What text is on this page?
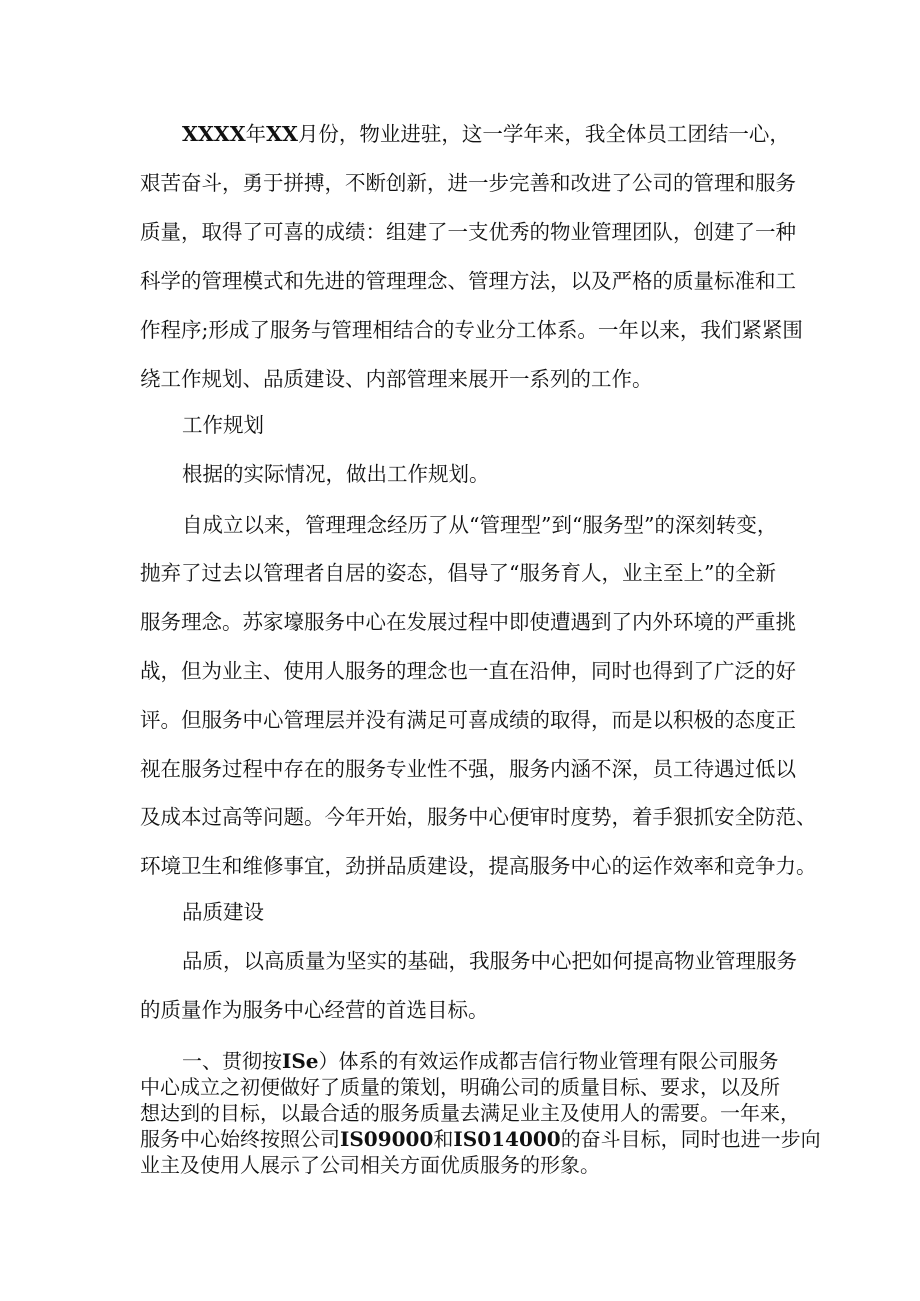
XXXX年XX月份，物业进驻，这一学年来，我全体员工团结一心，
艰苦奋斗，勇于拼搏，不断创新，进一步完善和改进了公司的管理和服务
质量，取得了可喜的成绩：组建了一支优秀的物业管理团队，创建了一种
科学的管理模式和先进的管理理念、管理方法，以及严格的质量标准和工
作程序;形成了服务与管理相结合的专业分工体系。一年以来，我们紧紧围
绕工作规划、品质建设、内部管理来展开一系列的工作。
工作规划
根据的实际情况，做出工作规划。
自成立以来，管理理念经历了从“管理型”到“服务型”的深刻转变，
抛弃了过去以管理者自居的姿态，倡导了“服务育人，业主至上”的全新
服务理念。苏家壕服务中心在发展过程中即使遭遇到了内外环境的严重挑
战，但为业主、使用人服务的理念也一直在沿伸，同时也得到了广泛的好
评。但服务中心管理层并没有满足可喜成绩的取得，而是以积极的态度正
视在服务过程中存在的服务专业性不强，服务内涵不深，员工待遇过低以
及成本过高等问题。今年开始，服务中心便审时度势，着手狠抓安全防范、
环境卫生和维修事宜，劲拼品质建设，提高服务中心的运作效率和竞争力。
品质建设
品质，以高质量为坚实的基础，我服务中心把如何提高物业管理服务
的质量作为服务中心经营的首选目标。
一、贯彻按ISe）体系的有效运作成都吉信行物业管理有限公司服务
中心成立之初便做好了质量的策划，明确公司的质量目标、要求，以及所
想达到的目标，以最合适的服务质量去满足业主及使用人的需要。一年来，
服务中心始终按照公司IS09000和IS014000的奋斗目标，同时也进一步向
业主及使用人展示了公司相关方面优质服务的形象。
